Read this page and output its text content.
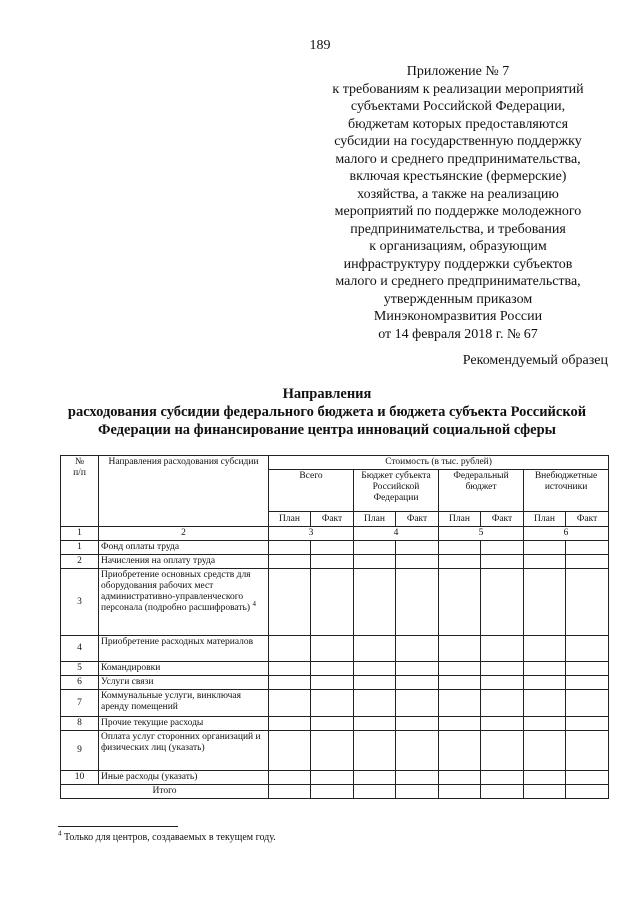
189
Приложение № 7
к требованиям к реализации мероприятий
субъектами Российской Федерации,
бюджетам которых предоставляются
субсидии на государственную поддержку
малого и среднего предпринимательства,
включая крестьянские (фермерские)
хозяйства, а также на реализацию
мероприятий по поддержке молодежного
предпринимательства, и требования
к организациям, образующим
инфраструктуру поддержки субъектов
малого и среднего предпринимательства,
утвержденным приказом
Минэкономразвития России
от 14 февраля 2018 г. № 67
Рекомендуемый образец
Направления
расходования субсидии федерального бюджета и бюджета субъекта Российской
Федерации на финансирование центра инноваций социальной сферы
№
п/п	Направления расходования субсидии	Стоимость (в тыс. рублей)							
		Всего		Бюджет субъекта Российской Федерации		Федеральный бюджет		Внебюджетные источники	
		План	Факт	План	Факт	План	Факт	План	Факт
1	2	3		4		5		6	
1	Фонд оплаты труда								
2	Начисления на оплату труда								
3	Приобретение основных средств для оборудования рабочих мест административно-управленческого персонала (подробно расшифровать) $^4$								
4	Приобретение расходных материалов								
5	Командировки								
6	Услуги связи								
7	Коммунальные услуги, винключая аренду помещений								
8	Прочие текущие расходы								
9	Оплата услуг сторонних организаций и физических лиц (указать)								
10	Иные расходы (указать)								
Итого									
$^4$ Только для центров, создаваемых в текущем году.
